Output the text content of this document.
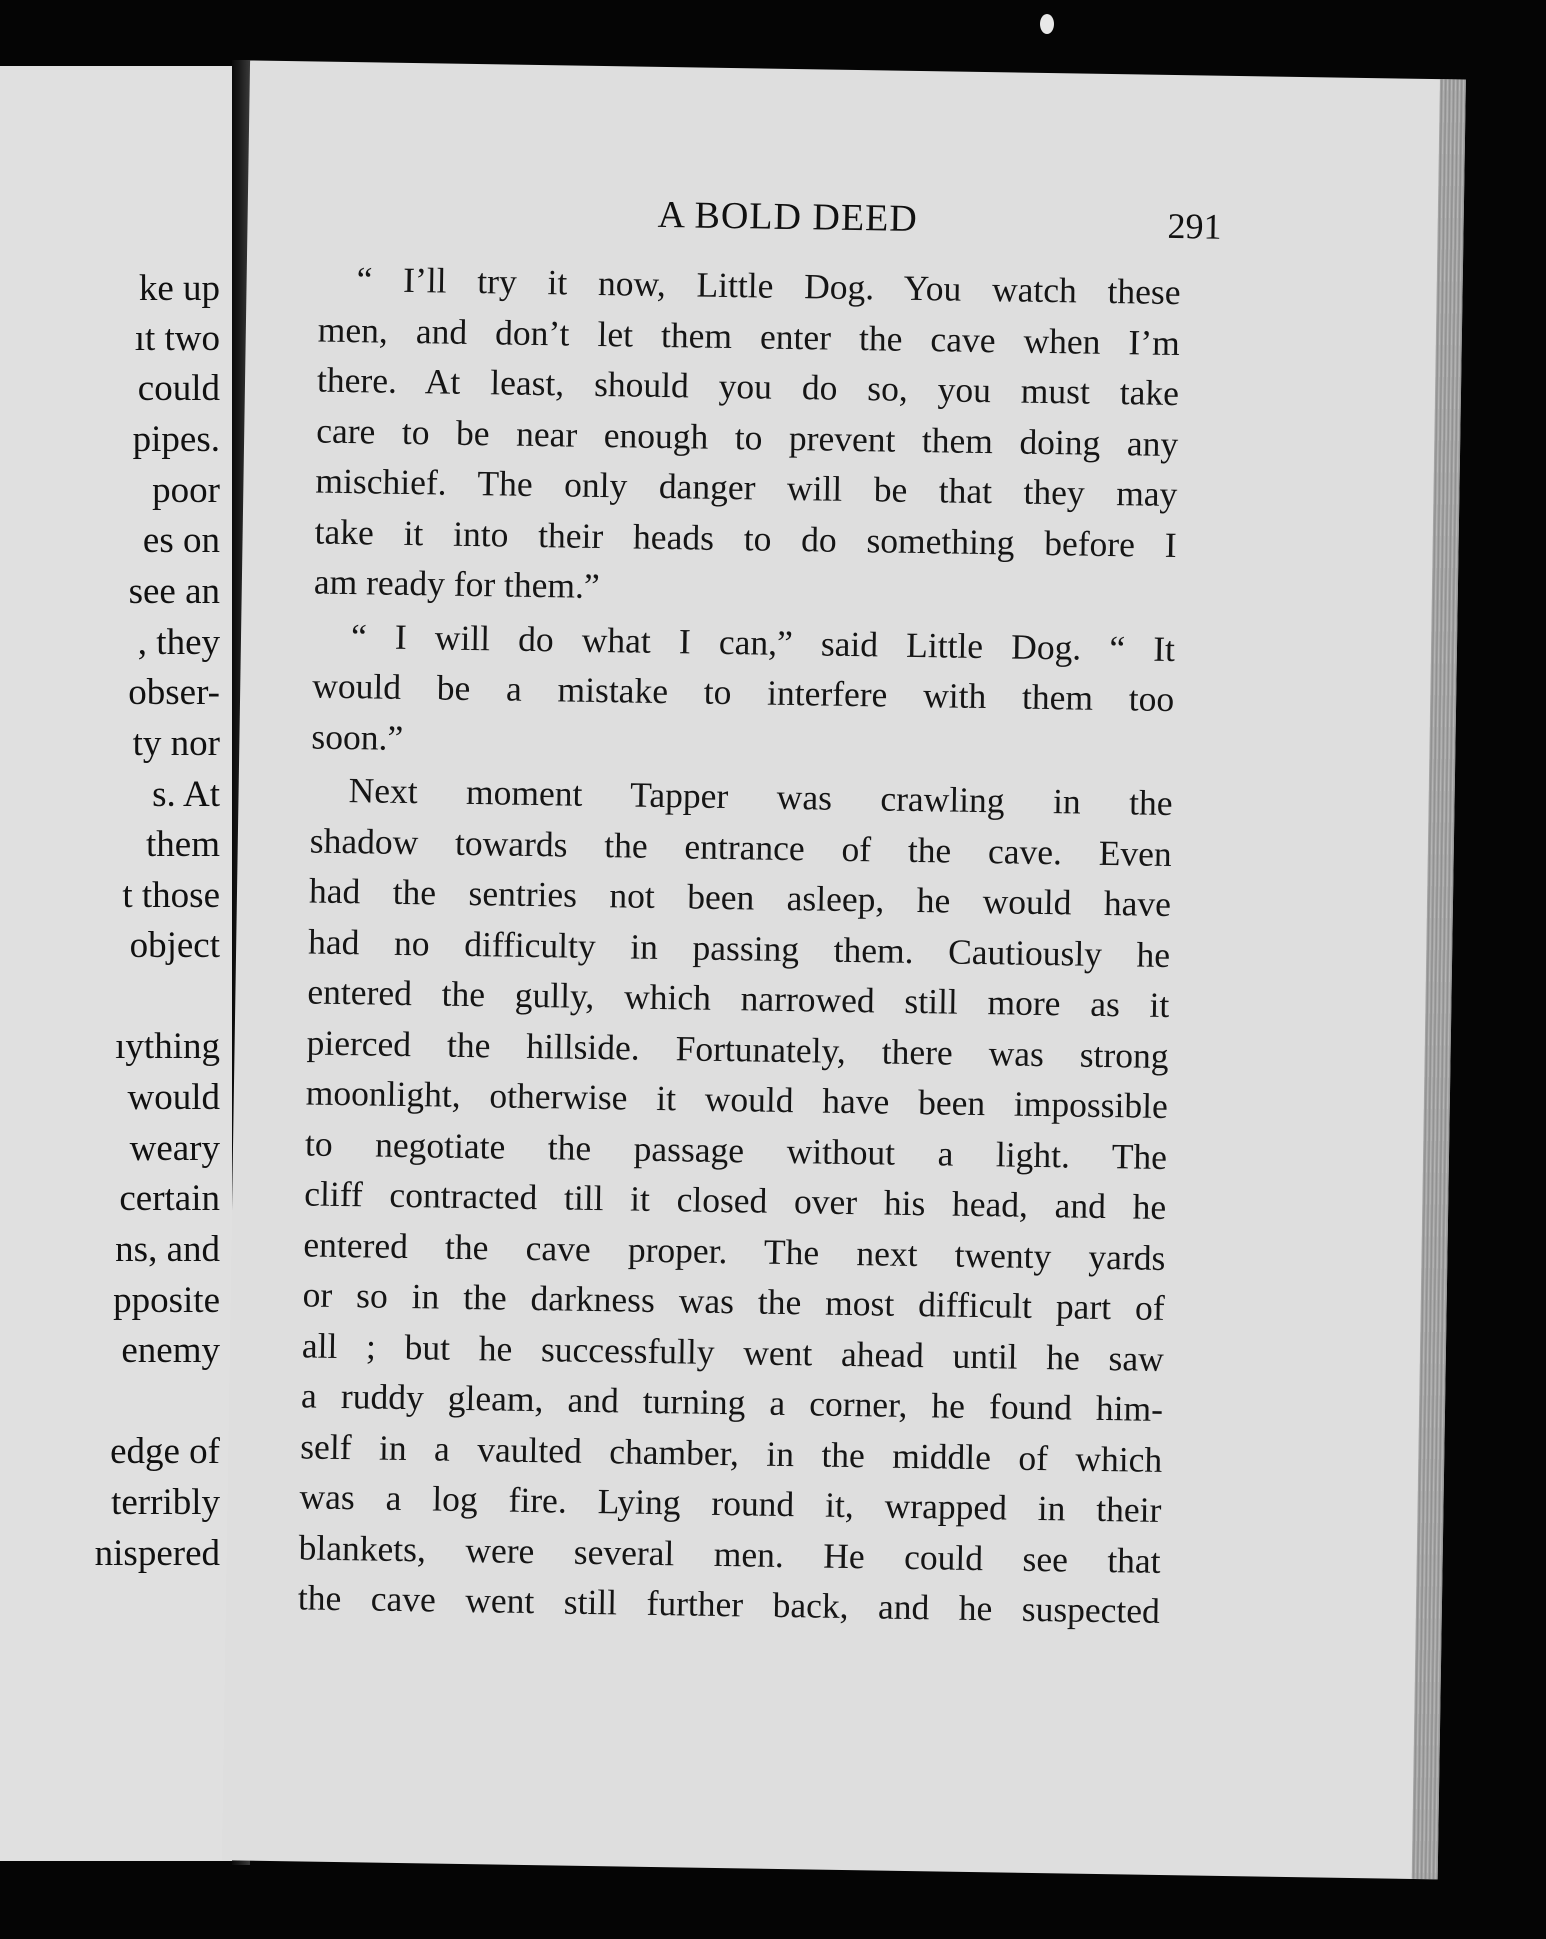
ke up
ıt two
could
pipes.
poor
es on
see an
, they
obser-
ty nor
s. At
them
t those
object
ıything
would
weary
certain
ns, and
pposite
enemy
edge of
terribly
nispered
A BOLD DEED	291
“ I’ll try it now, Little Dog. You watch these
men, and don’t let them enter the cave when I’m
there. At least, should you do so, you must take
care to be near enough to prevent them doing any
mischief. The only danger will be that they may
take it into their heads to do something before I
am ready for them.”
“ I will do what I can,” said Little Dog. “ It
would be a mistake to interfere with them too
soon.”
Next moment Tapper was crawling in the
shadow towards the entrance of the cave. Even
had the sentries not been asleep, he would have
had no difficulty in passing them. Cautiously he
entered the gully, which narrowed still more as it
pierced the hillside. Fortunately, there was strong
moonlight, otherwise it would have been impossible
to negotiate the passage without a light. The
cliff contracted till it closed over his head, and he
entered the cave proper. The next twenty yards
or so in the darkness was the most difficult part of
all ; but he successfully went ahead until he saw
a ruddy gleam, and turning a corner, he found him-
self in a vaulted chamber, in the middle of which
was a log fire. Lying round it, wrapped in their
blankets, were several men. He could see that
the cave went still further back, and he suspected
